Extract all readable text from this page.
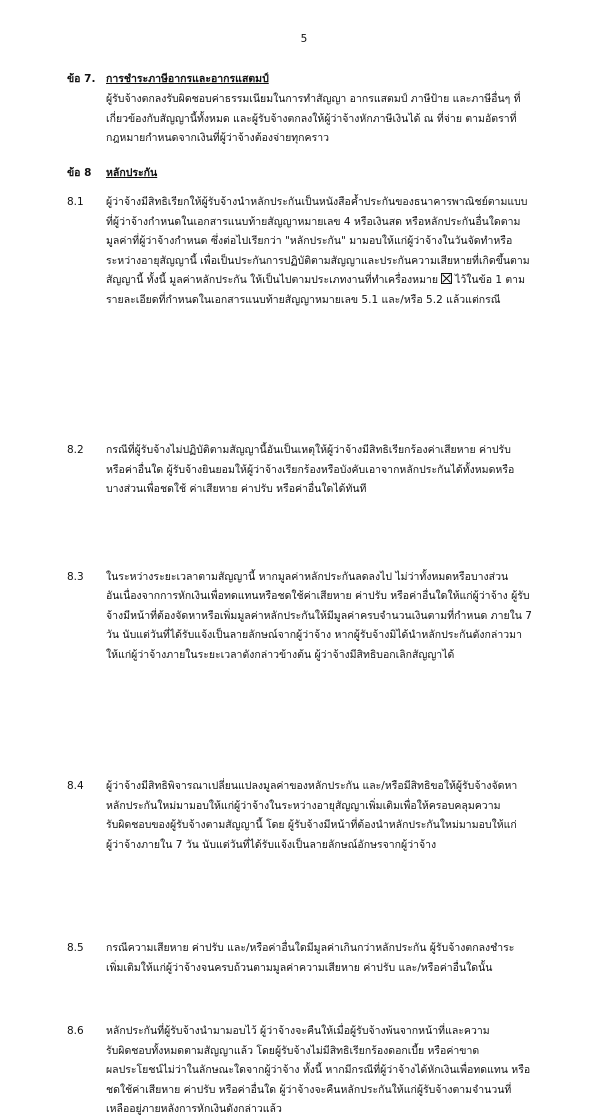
5
ข้อ 7. การชำระภาษีอากรและอากรแสตมป์
ผู้รับจ้างตกลงรับผิดชอบค่าธรรมเนียมในการทำสัญญา อากรแสตมป์ ภาษีป้าย และภาษีอื่นๆ ที่
เกี่ยวข้องกับสัญญานี้ทั้งหมด และผู้รับจ้างตกลงให้ผู้ว่าจ้างหักภาษีเงินได้ ณ ที่จ่าย ตามอัตราที่
กฎหมายกำหนดจากเงินที่ผู้ว่าจ้างต้องจ่ายทุกคราว
ข้อ 8 หลักประกัน
8.1 ผู้ว่าจ้างมีสิทธิเรียกให้ผู้รับจ้างนำหลักประกันเป็นหนังสือค้ำประกันของธนาคารพาณิชย์ตามแบบ
ที่ผู้ว่าจ้างกำหนดในเอกสารแนบท้ายสัญญาหมายเลข 4 หรือเงินสด หรือหลักประกันอื่นใดตาม
มูลค่าที่ผู้ว่าจ้างกำหนด ซึ่งต่อไปเรียกว่า "หลักประกัน" มามอบให้แก่ผู้ว่าจ้างในวันจัดทำหรือ
ระหว่างอายุสัญญานี้ เพื่อเป็นประกันการปฏิบัติตามสัญญาและประกันความเสียหายที่เกิดขึ้นตาม
สัญญานี้ ทั้งนี้ มูลค่าหลักประกัน ให้เป็นไปตามประเภทงานที่ทำเครื่องหมาย ไว้ในข้อ 1 ตาม
รายละเอียดที่กำหนดในเอกสารแนบท้ายสัญญาหมายเลข 5.1 และ/หรือ 5.2 แล้วแต่กรณี
8.2 กรณีที่ผู้รับจ้างไม่ปฏิบัติตามสัญญานี้อันเป็นเหตุให้ผู้ว่าจ้างมีสิทธิเรียกร้องค่าเสียหาย ค่าปรับ
หรือค่าอื่นใด ผู้รับจ้างยินยอมให้ผู้ว่าจ้างเรียกร้องหรือบังคับเอาจากหลักประกันได้ทั้งหมดหรือ
บางส่วนเพื่อชดใช้ ค่าเสียหาย ค่าปรับ หรือค่าอื่นใดได้ทันที
8.3 ในระหว่างระยะเวลาตามสัญญานี้ หากมูลค่าหลักประกันลดลงไป ไม่ว่าทั้งหมดหรือบางส่วน
อันเนื่องจากการหักเงินเพื่อทดแทนหรือชดใช้ค่าเสียหาย ค่าปรับ หรือค่าอื่นใดให้แก่ผู้ว่าจ้าง ผู้รับ
จ้างมีหน้าที่ต้องจัดหาหรือเพิ่มมูลค่าหลักประกันให้มีมูลค่าครบจำนวนเงินตามที่กำหนด ภายใน 7
วัน นับแต่วันที่ได้รับแจ้งเป็นลายลักษณ์จากผู้ว่าจ้าง หากผู้รับจ้างมิได้นำหลักประกันดังกล่าวมา
ให้แก่ผู้ว่าจ้างภายในระยะเวลาดังกล่าวข้างต้น ผู้ว่าจ้างมีสิทธิบอกเลิกสัญญาได้
8.4 ผู้ว่าจ้างมีสิทธิพิจารณาเปลี่ยนแปลงมูลค่าของหลักประกัน และ/หรือมีสิทธิขอให้ผู้รับจ้างจัดหา
หลักประกันใหม่มามอบให้แก่ผู้ว่าจ้างในระหว่างอายุสัญญาเพิ่มเติมเพื่อให้ครอบคลุมความ
รับผิดชอบของผู้รับจ้างตามสัญญานี้ โดย ผู้รับจ้างมีหน้าที่ต้องนำหลักประกันใหม่มามอบให้แก่
ผู้ว่าจ้างภายใน 7 วัน นับแต่วันที่ได้รับแจ้งเป็นลายลักษณ์อักษรจากผู้ว่าจ้าง
8.5 กรณีความเสียหาย ค่าปรับ และ/หรือค่าอื่นใดมีมูลค่าเกินกว่าหลักประกัน ผู้รับจ้างตกลงชำระ
เพิ่มเติมให้แก่ผู้ว่าจ้างจนครบถ้วนตามมูลค่าความเสียหาย ค่าปรับ และ/หรือค่าอื่นใดนั้น
8.6 หลักประกันที่ผู้รับจ้างนำมามอบไว้ ผู้ว่าจ้างจะคืนให้เมื่อผู้รับจ้างพ้นจากหน้าที่และความ
รับผิดชอบทั้งหมดตามสัญญาแล้ว โดยผู้รับจ้างไม่มีสิทธิเรียกร้องดอกเบี้ย หรือค่าขาด
ผลประโยชน์ไม่ว่าในลักษณะใดจากผู้ว่าจ้าง ทั้งนี้ หากมีกรณีที่ผู้ว่าจ้างได้หักเงินเพื่อทดแทน หรือ
ชดใช้ค่าเสียหาย ค่าปรับ หรือค่าอื่นใด ผู้ว่าจ้างจะคืนหลักประกันให้แก่ผู้รับจ้างตามจำนวนที่
เหลืออยู่ภายหลังการหักเงินดังกล่าวแล้ว
